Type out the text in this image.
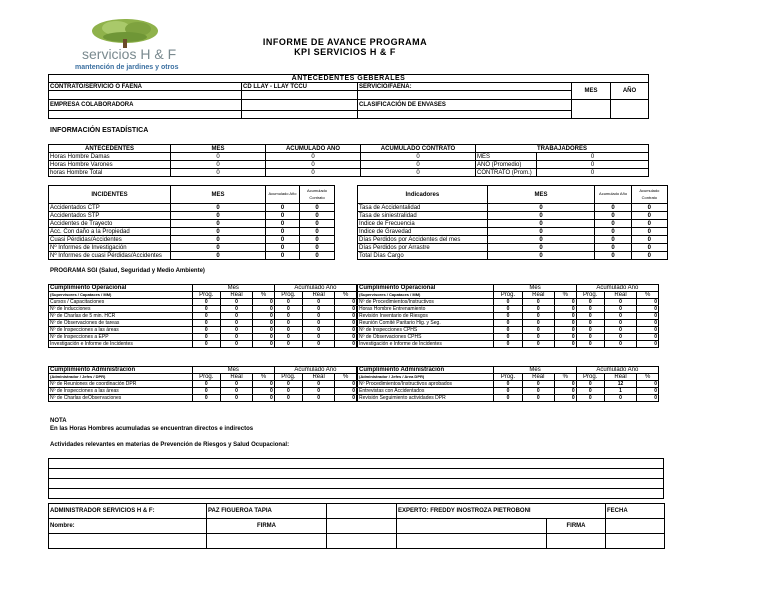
servicios H & F
mantención de jardines y otros
INFORME DE AVANCE PROGRAMA
KPI SERVICIOS H & F
ANTECEDENTES GEBERALES				
CONTRATO/SERVICIO O FAENA	CD LLAY - LLAY TCCU	SERVICIO/FAENA:	MES	AÑO

EMPRESA COLABORADORA		CLASIFICACIÓN DE ENVASES		

INFORMACIÓN ESTADÍSTICA
ANTECEDENTES	MES	ACUMULADO AÑO	ACUMULADO CONTRATO	TRABAJADORES	
Horas Hombre Damas	0	0	0	MES	0
Horas Hombre Varones	0	0	0	AÑO (Promedio)	0
horas Hombre Total	0	0	0	CONTRATO (Prom.)	0
INCIDENTES	MES	Acumulado Año	Acumulado Contrato
Accidentados CTP	0	0	0
Accidentados STP	0	0	0
Accidentes de Trayecto	0	0	0
Acc. Con daño a la Propiedad	0	0	0
Cuasi Pérdidas/Accidentes	0	0	0
Nº Informes de Investigación	0	0	0
Nº Informes de cuasi Pérdidas/Accidentes	0	0	0
Indicadores	MES	Acumulado Año	Acumulado Contrato
Tasa de Accidentalidad	0	0	0
Tasa de siniestralidad	0	0	0
Indice de Frecuencia	0	0	0
Indice de Gravedad	0	0	0
Días Perdidos por Accidentes del mes	0	0	0
Días Perdidos por Arrastre	0	0	0
Total Días Cargo	0	0	0
PROGRAMA SGI (Salud, Seguridad y Medio Ambiente)
Cumplimiento Operacional	Mes			Acumulado Año		
(Supervisores / Capataces / MM)	Prog.	Real	%	Prog.	Real	%
Cursos / Capacitaciones	0	0	0	0	0	0
Nº de Inducciones	0	0	0	0	0	0
Nº de Charlas de 5 min. HCR	0	0	0	0	0	0
Nº de Observaciones de tareas	0	0	0	0	0	0
Nº de Inspecciones a las áreas	0	0	0	0	0	0
Nº de Inspecciones a EPP	0	0	0	0	0	0
Investigación e Informe de Incidentes	0	0	0	0	0	0
Cumplimiento Operacional	Mes			Acumulado Año		
(Supervisores / Capataces / MM)	Prog.	Real	%	Prog.	Real	%
Nº de Procedimientos/Instructivos	0	0	0	0	0	0
Horas Hombre Entrenamiento	0	0	0	0	0	0
Revisión Inventario de Riesgos	0	0	0	0	0	0
Reunión Comité Paritario Hig. y Seg.	0	0	0	0	0	0
Nº de Inspecciones CPHS	0	0	0	0	0	0
Nº de Observaciones CPHS	0	0	0	0	0	0
Investigación e Informe de Incidentes	0	0	0	0	0	0
Cumplimiento Administración	Mes			Acumulado Año		
(Administrador / Jefes / DPR)	Prog.	Real	%	Prog.	Real	%
Nº de Reuniones de coordinación DPR	0	0	0	0	0	0
Nº de Inspecciones a las áreas	0	0	0	0	0	0
Nº de Charlas deObservaciones	0	0	0	0	0	0
Cumplimiento Administración	Mes			Acumulado Año		
(Administrador / Jefes / Area DPR)	Prog.	Real	%	Prog.	Real	%
Nº Procedimientos/Instructivos aprobados	0	0	0	0	12	0
Entrevistas con Accidentados	0	0	0	0	1	0
Revisión Seguimiento actividades DPR	0	0	0	0	0	0
NOTA
En las Horas Hombres acumuladas se encuentran directos e indirectos
Actividades relevantes en materias de Prevención de Riesgos y Salud Ocupacional:

ADMINISTRADOR SERVICIOS H & F:	PAZ FIGUEROA TAPIA		EXPERTO: FREDDY INOSTROZA PIETROBONI		FECHA
Nombre:	FIRMA			FIRMA	
